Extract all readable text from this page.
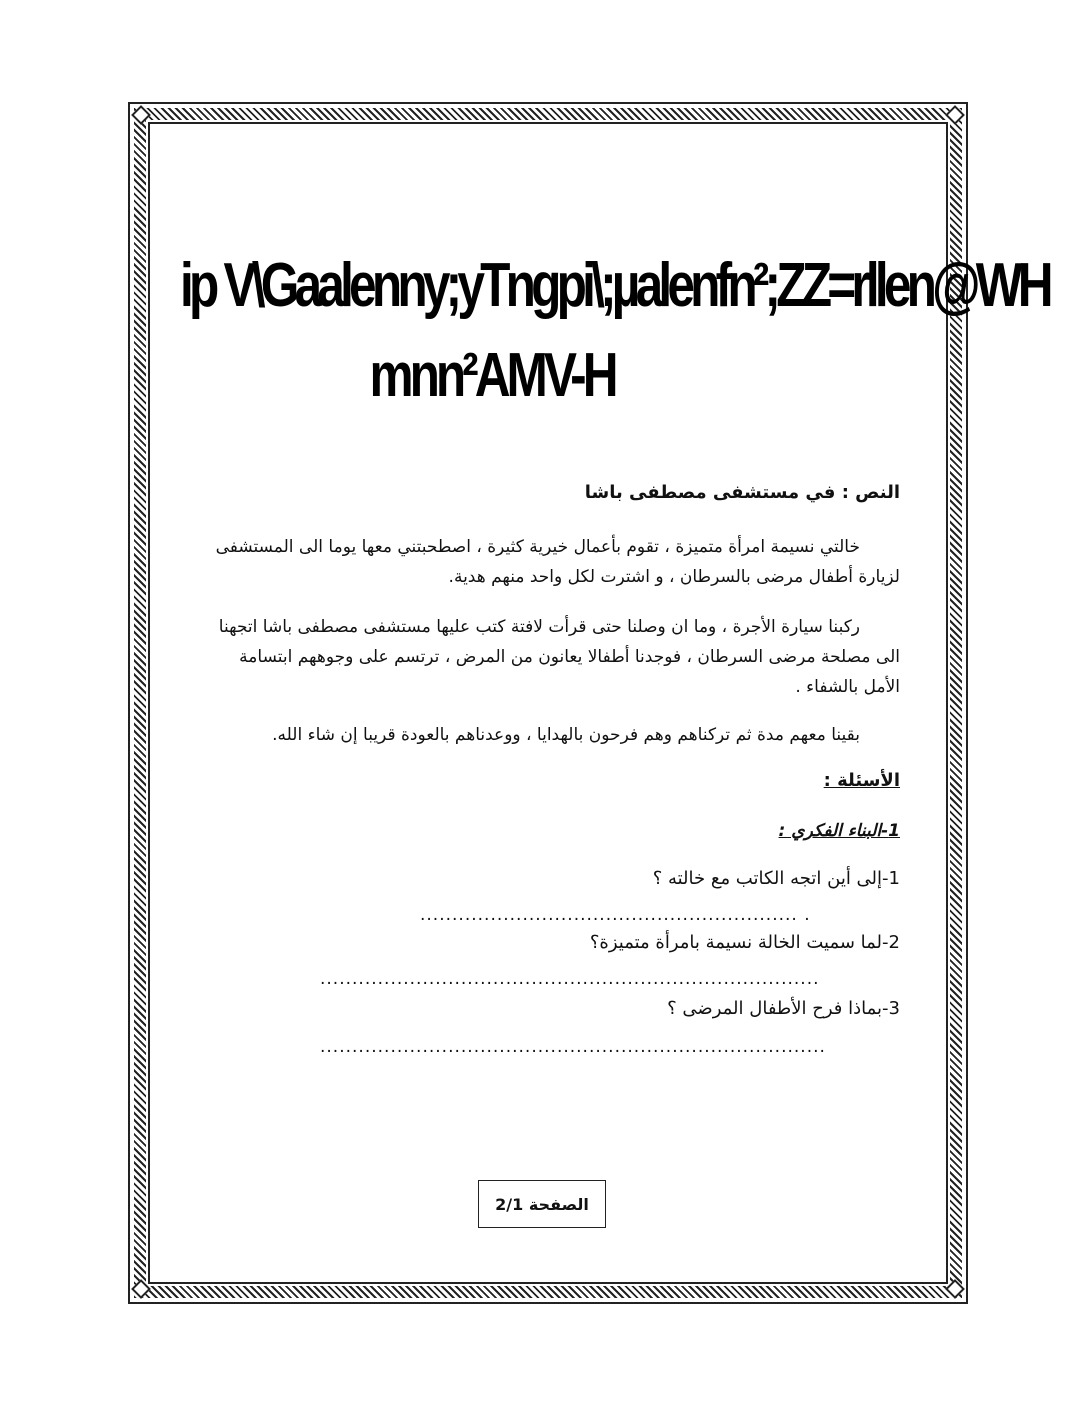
ip V\Gaalenny;yTngpi\;µalenfn²;ZZ=rllen@WH
mnn²AMV-H
النص : في مستشفى مصطفى باشا
خالتي نسيمة امرأة متميزة ، تقوم بأعمال خيرية كثيرة ، اصطحبتني معها يوما الى المستشفى لزيارة أطفال مرضى بالسرطان ، و اشترت لكل واحد منهم هدية.
ركبنا سيارة الأجرة ، وما ان وصلنا حتى قرأت لافتة كتب عليها مستشفى مصطفى باشا اتجهنا الى مصلحة مرضى السرطان ، فوجدنا أطفالا يعانون من المرض ، ترتسم على وجوههم ابتسامة الأمل بالشفاء .
بقينا معهم مدة ثم تركناهم وهم فرحون بالهدايا ، ووعدناهم بالعودة قريبا إن شاء الله.
الأسئلة :
1-البناء الفكري :
1-إلى أين اتجه الكاتب مع خالته ؟
........................................................... .
2-لما سميت الخالة نسيمة بامرأة متميزة؟
..............................................................................
3-بماذا فرح الأطفال المرضى ؟
...............................................................................
الصفحة 2/1
